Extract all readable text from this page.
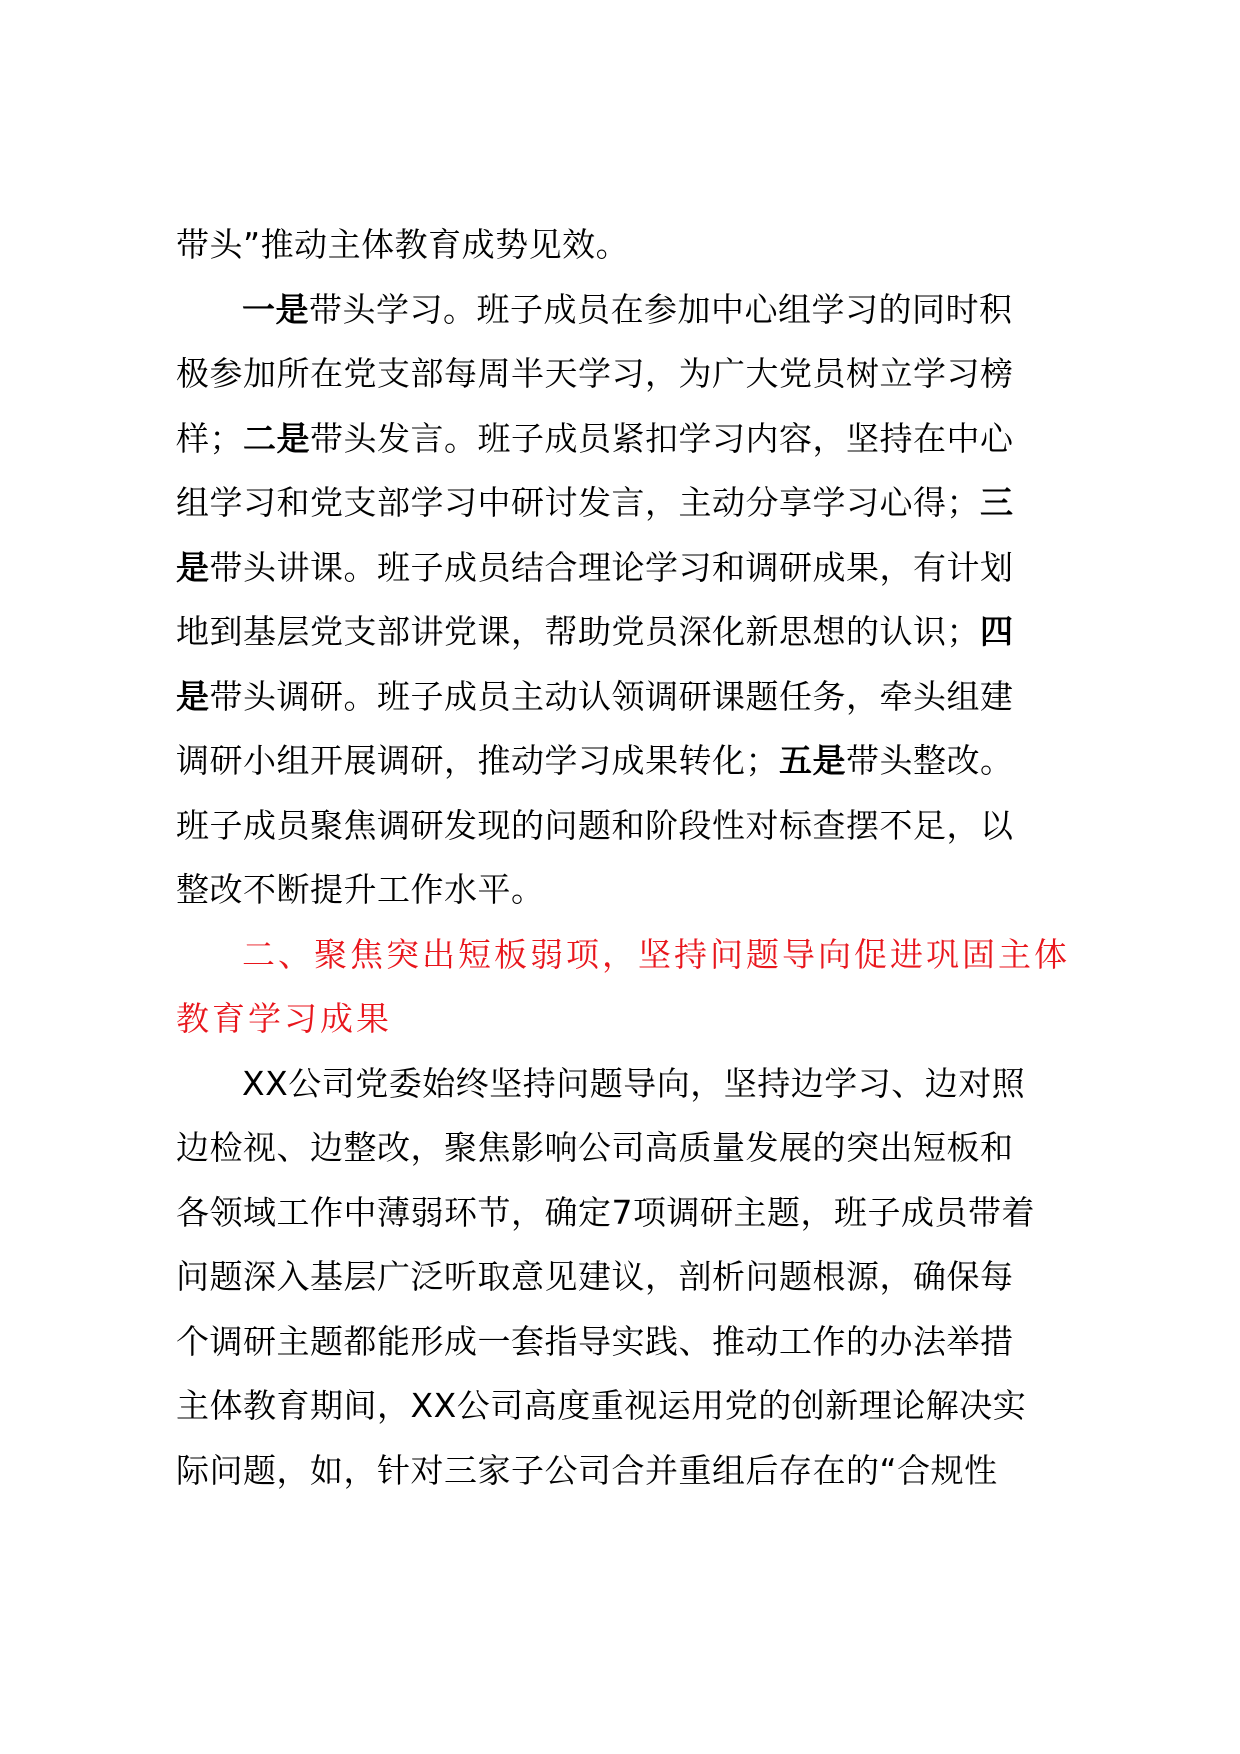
带头”推动主体教育成势见效。
一是带头学习。班子成员在参加中心组学习的同时积
极参加所在党支部每周半天学习，为广大党员树立学习榜
样；二是带头发言。班子成员紧扣学习内容，坚持在中心
组学习和党支部学习中研讨发言，主动分享学习心得；三
是带头讲课。班子成员结合理论学习和调研成果，有计划
地到基层党支部讲党课，帮助党员深化新思想的认识；四
是带头调研。班子成员主动认领调研课题任务，牵头组建
调研小组开展调研，推动学习成果转化；五是带头整改。
班子成员聚焦调研发现的问题和阶段性对标查摆不足，以
整改不断提升工作水平。
二、聚焦突出短板弱项，坚持问题导向促进巩固主体
教育学习成果
XX公司党委始终坚持问题导向，坚持边学习、边对照
边检视、边整改，聚焦影响公司高质量发展的突出短板和
各领域工作中薄弱环节，确定7项调研主题，班子成员带着
问题深入基层广泛听取意见建议，剖析问题根源，确保每
个调研主题都能形成一套指导实践、推动工作的办法举措
主体教育期间，XX公司高度重视运用党的创新理论解决实
际问题，如，针对三家子公司合并重组后存在的“合规性
